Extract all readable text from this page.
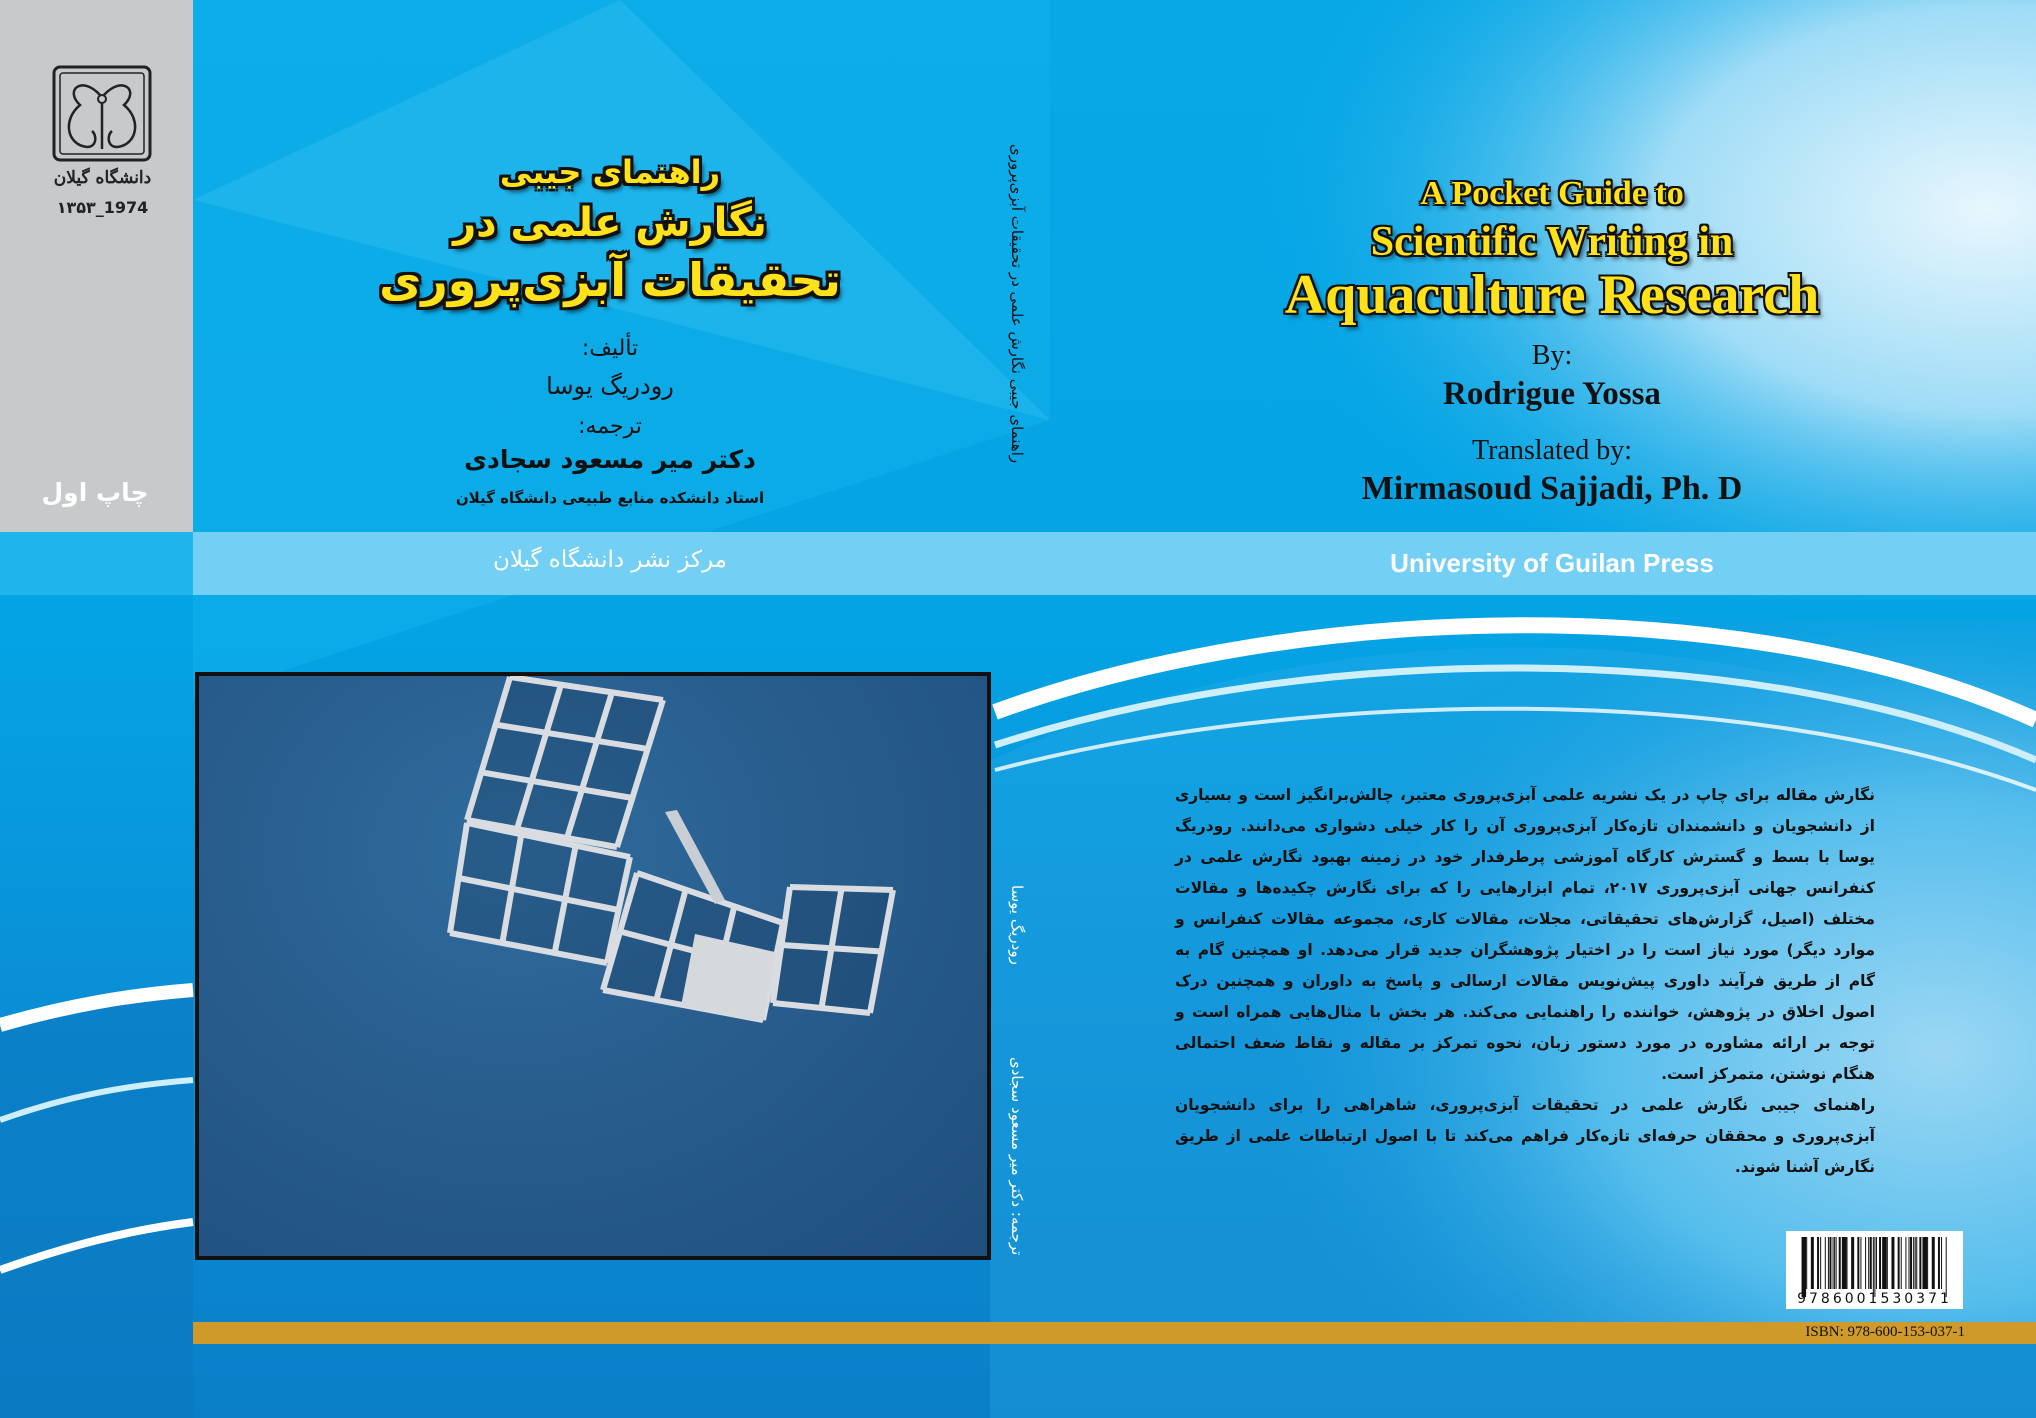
دانشگاه گیلان
۱۳۵۳_1974
چاپ اول
راهنمای جیبی
نگارش علمی در
تحقیقات آبزی‌پروری
تألیف:
رودریگ یوسا
ترجمه:
دکتر میر مسعود سجادی
استاد دانشکده منابع طبیعی دانشگاه گیلان
مرکز نشر دانشگاه گیلان
راهنمای جیبی نگارش علمی در تحقیقات آبزی‌پروری
رودریگ یوسا
ترجمه: دکتر میر مسعود سجادی
A Pocket Guide to
Scientific Writing in
Aquaculture Research
By:
Rodrigue Yossa
Translated by:
Mirmasoud Sajjadi, Ph. D
University of Guilan Press
نگارش مقاله برای چاپ در یک نشریه علمی آبزی‌پروری معتبر، چالش‌برانگیز است و بسیاری از دانشجویان و دانشمندان تازه‌کار آبزی‌پروری آن را کار خیلی دشواری می‌دانند. رودریگ یوسا با بسط و گسترش کارگاه آموزشی پرطرفدار خود در زمینه بهبود نگارش علمی در کنفرانس جهانی آبزی‌پروری ۲۰۱۷، تمام ابزارهایی را که برای نگارش چکیده‌ها و مقالات مختلف (اصیل، گزارش‌های تحقیقاتی، مجلات، مقالات کاری، مجموعه مقالات کنفرانس و موارد دیگر) مورد نیاز است را در اختیار پژوهشگران جدید قرار می‌دهد. او همچنین گام به گام از طریق فرآیند داوری پیش‌نویس مقالات ارسالی و پاسخ به داوران و همچنین درک اصول اخلاق در پژوهش، خواننده را راهنمایی می‌کند. هر بخش با مثال‌هایی همراه است و توجه بر ارائه مشاوره در مورد دستور زبان، نحوه تمرکز بر مقاله و نقاط ضعف احتمالی هنگام نوشتن، متمرکز است.
راهنمای جیبی نگارش علمی در تحقیقات آبزی‌پروری، شاهراهی را برای دانشجویان آبزی‌پروری و محققان حرفه‌ای تازه‌کار فراهم می‌کند تا با اصول ارتباطات علمی از طریق نگارش آشنا شوند.
9786001530371
ISBN: 978-600-153-037-1
